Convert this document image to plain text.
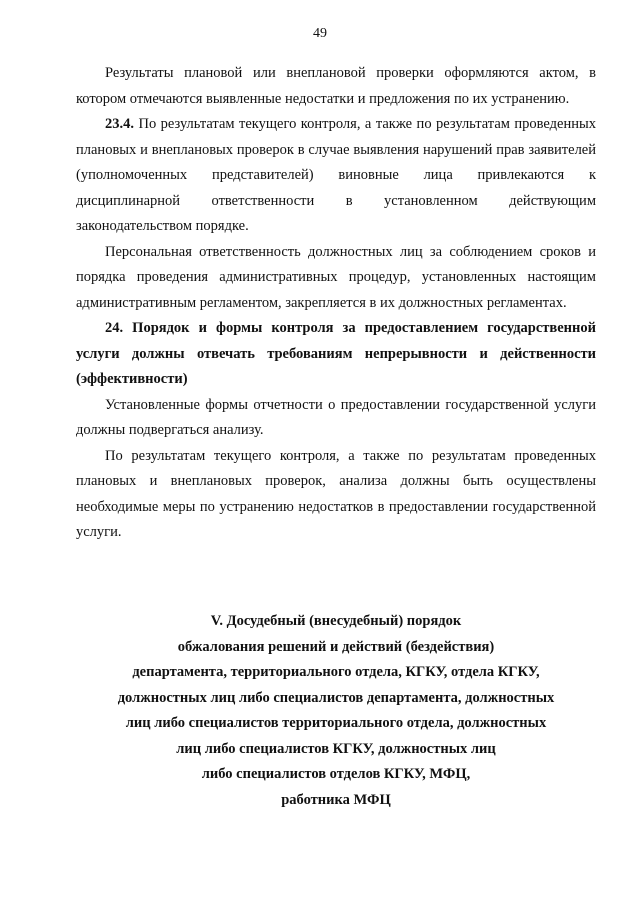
49

Результаты плановой или внеплановой проверки оформляются актом, в котором отмечаются выявленные недостатки и предложения по их устранению.

23.4. По результатам текущего контроля, а также по результатам проведенных плановых и внеплановых проверок в случае выявления нарушений прав заявителей (уполномоченных представителей) виновные лица привлекаются к дисциплинарной ответственности в установленном действующим законодательством порядке.

Персональная ответственность должностных лиц за соблюдением сроков и порядка проведения административных процедур, установленных настоящим административным регламентом, закрепляется в их должностных регламентах.

24. Порядок и формы контроля за предоставлением государственной услуги должны отвечать требованиям непрерывности и действенности (эффективности)

Установленные формы отчетности о предоставлении государственной услуги должны подвергаться анализу.

По результатам текущего контроля, а также по результатам проведенных плановых и внеплановых проверок, анализа должны быть осуществлены необходимые меры по устранению недостатков в предоставлении государственной услуги.

V. Досудебный (внесудебный) порядок
обжалования решений и действий (бездействия)
департамента, территориального отдела, КГКУ, отдела КГКУ,
должностных лиц либо специалистов департамента, должностных
лиц либо специалистов территориального отдела, должностных
лиц либо специалистов КГКУ, должностных лиц
либо специалистов отделов КГКУ, МФЦ,
работника МФЦ
